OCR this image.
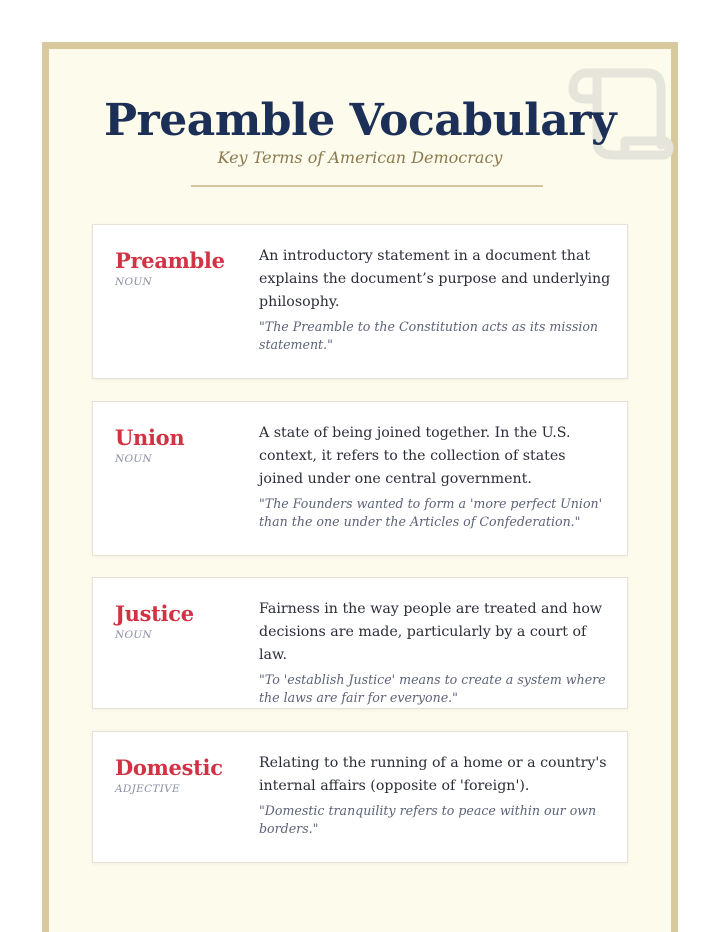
Preamble Vocabulary
Key Terms of American Democracy
Preamble
NOUN

An introductory statement in a document that explains the document’s purpose and underlying philosophy.

"The Preamble to the Constitution acts as its mission statement."

Union
NOUN

A state of being joined together. In the U.S. context, it refers to the collection of states joined under one central government.

"The Founders wanted to form a 'more perfect Union' than the one under the Articles of Confederation."

Justice
NOUN

Fairness in the way people are treated and how decisions are made, particularly by a court of law.

"To 'establish Justice' means to create a system where the laws are fair for everyone."

Domestic
ADJECTIVE

Relating to the running of a home or a country's internal affairs (opposite of 'foreign').

"Domestic tranquility refers to peace within our own borders."
